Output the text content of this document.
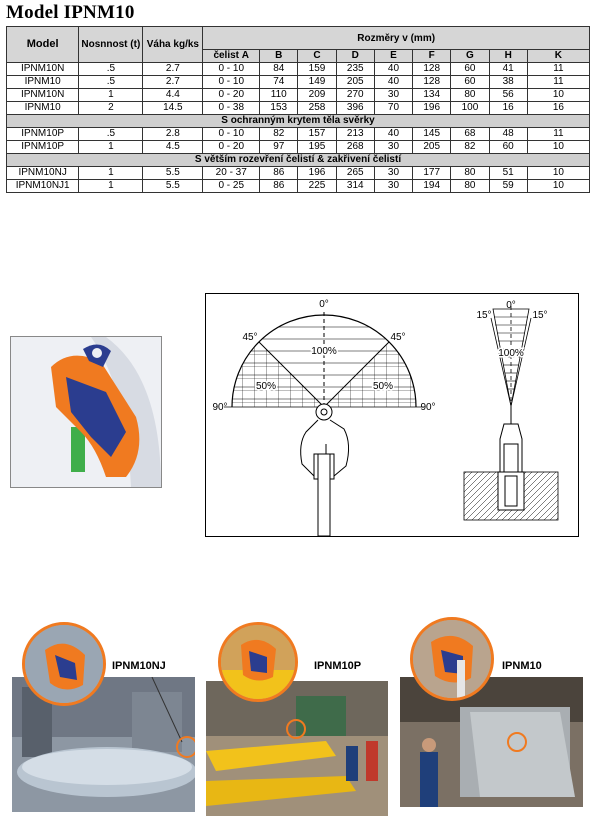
Model IPNM10
Model	Nosnnost (t)	Váha kg/ks	Rozměry v (mm)								
			čelist A	B	C	D	E	F	G	H	K
IPNM10N	.5	2.7	0 - 10	84	159	235	40	128	60	41	11
IPNM10	.5	2.7	0 - 10	74	149	205	40	128	60	38	11
IPNM10N	1	4.4	0 - 20	110	209	270	30	134	80	56	10
IPNM10	2	14.5	0 - 38	153	258	396	70	196	100	16	16
S ochranným krytem těla svěrky											
IPNM10P	.5	2.8	0 - 10	82	157	213	40	145	68	48	11
IPNM10P	1	4.5	0 - 20	97	195	268	30	205	82	60	10
S větším rozevření čelistí & zakřivení čelistí											
IPNM10NJ	1	5.5	20 - 37	86	196	265	30	177	80	51	10
IPNM10NJ1	1	5.5	0 - 25	86	225	314	30	194	80	59	10
0°
45°	45°
90°	90°
100%
50%	50%
0°
15°	15°
100%
IPNM10NJ	IPNM10P	IPNM10
